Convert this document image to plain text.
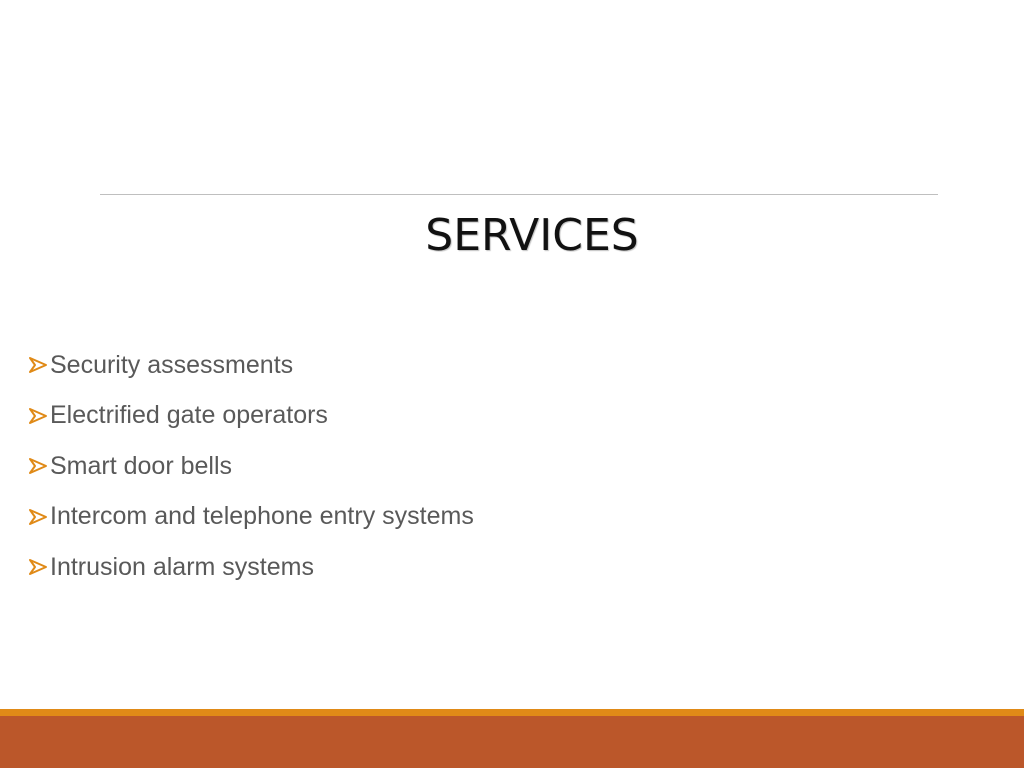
SERVICES
Security assessments
Electrified gate operators
Smart door bells
Intercom and telephone entry systems
Intrusion alarm systems
